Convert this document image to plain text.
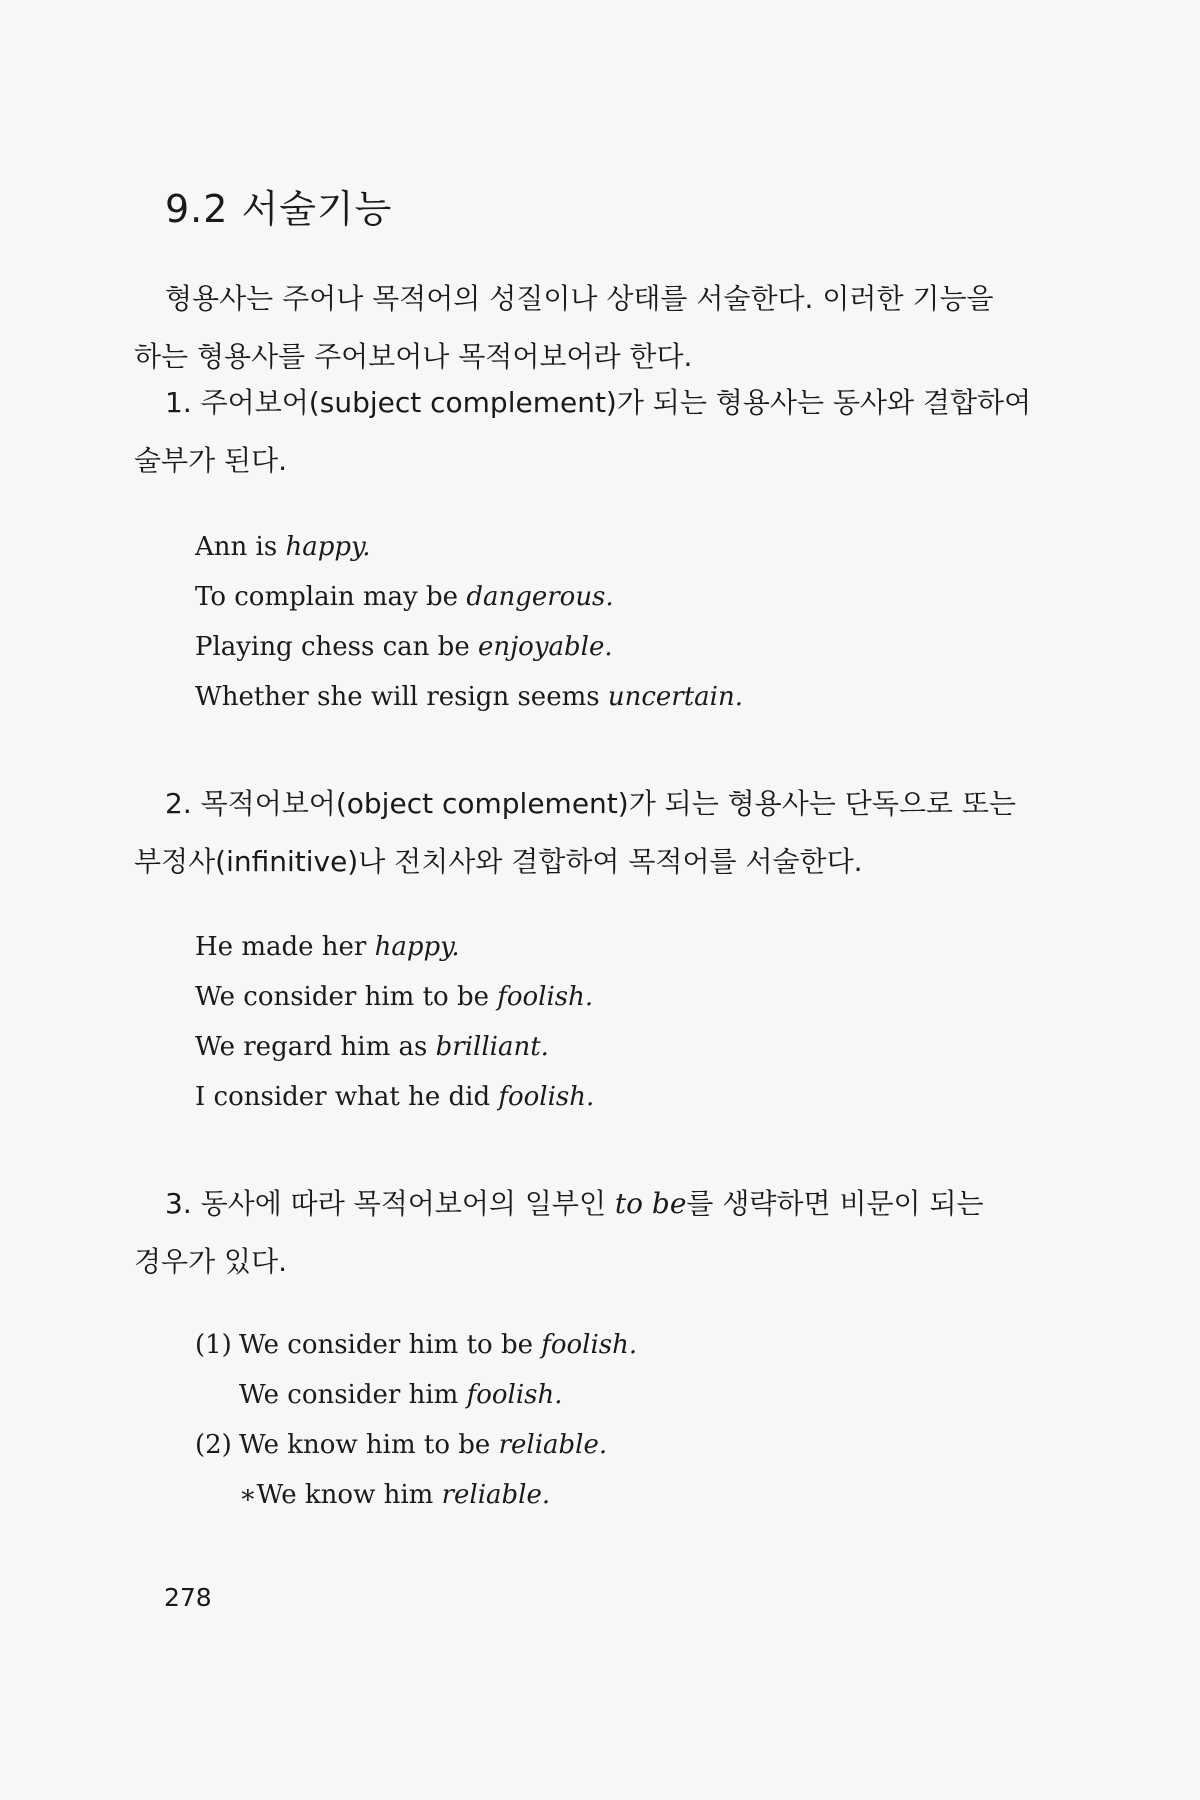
9.2 서술기능
형용사는 주어나 목적어의 성질이나 상태를 서술한다. 이러한 기능을
하는 형용사를 주어보어나 목적어보어라 한다.
1. 주어보어(subject complement)가 되는 형용사는 동사와 결합하여
술부가 된다.
Ann is happy.
To complain may be dangerous.
Playing chess can be enjoyable.
Whether she will resign seems uncertain.
2. 목적어보어(object complement)가 되는 형용사는 단독으로 또는
부정사(infinitive)나 전치사와 결합하여 목적어를 서술한다.
He made her happy.
We consider him to be foolish.
We regard him as brilliant.
I consider what he did foolish.
3. 동사에 따라 목적어보어의 일부인 to be를 생략하면 비문이 되는
경우가 있다.
(1) We consider him to be foolish.
We consider him foolish.
(2) We know him to be reliable.
∗We know him reliable.
278
